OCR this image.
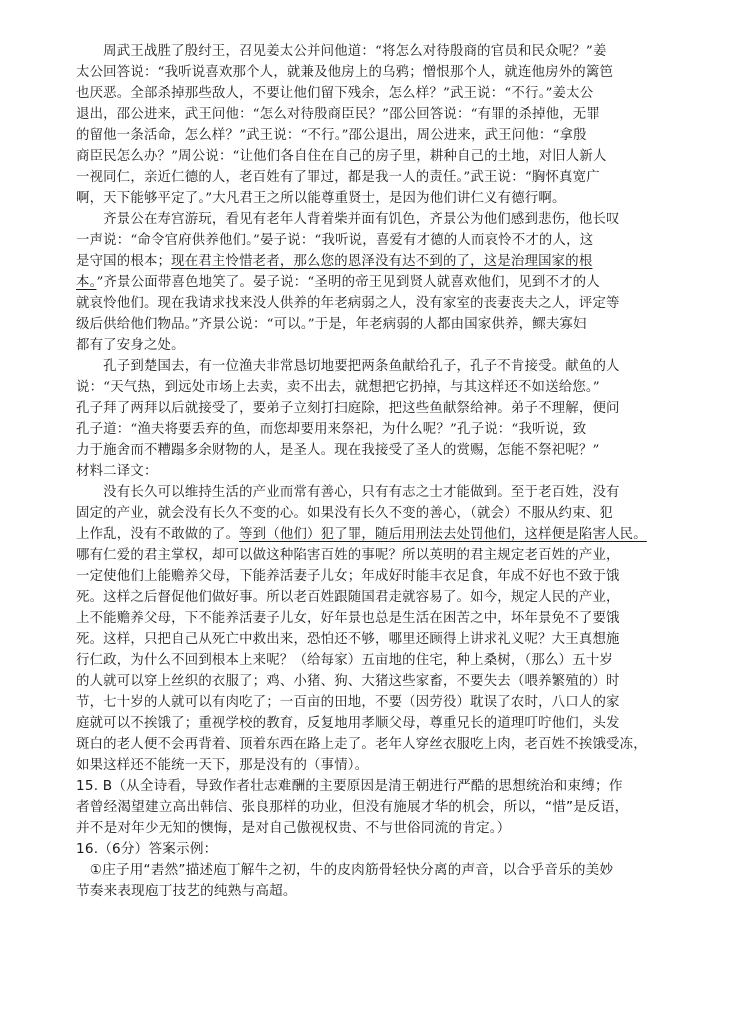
　　周武王战胜了殷纣王，召见姜太公并问他道：“将怎么对待殷商的官员和民众呢？”姜
太公回答说：“我听说喜欢那个人，就兼及他房上的乌鸦；憎恨那个人，就连他房外的篱笆
也厌恶。全部杀掉那些敌人，不要让他们留下残余，怎么样？”武王说：“不行。”姜太公
退出，邵公进来，武王问他：“怎么对待殷商臣民？”邵公回答说：“有罪的杀掉他，无罪
的留他一条活命，怎么样？”武王说：“不行。”邵公退出，周公进来，武王问他：“拿殷
商臣民怎么办？”周公说：“让他们各自住在自己的房子里，耕种自己的土地，对旧人新人
一视同仁，亲近仁德的人，老百姓有了罪过，都是我一人的责任。”武王说：“胸怀真宽广
啊，天下能够平定了。”大凡君王之所以能尊重贤士，是因为他们讲仁义有德行啊。
　　齐景公在寿宫游玩，看见有老年人背着柴并面有饥色，齐景公为他们感到悲伤，他长叹
一声说：“命令官府供养他们。”晏子说：“我听说，喜爱有才德的人而哀怜不才的人，这
是守国的根本；现在君主怜惜老者，那么您的恩泽没有达不到的了，这是治理国家的根
本。”齐景公面带喜色地笑了。晏子说：“圣明的帝王见到贤人就喜欢他们，见到不才的人
就哀怜他们。现在我请求找来没人供养的年老病弱之人，没有家室的丧妻丧夫之人，评定等
级后供给他们物品。”齐景公说：“可以。”于是，年老病弱的人都由国家供养，鳏夫寡妇
都有了安身之处。
　　孔子到楚国去，有一位渔夫非常恳切地要把两条鱼献给孔子，孔子不肯接受。献鱼的人
说：“天气热，到远处市场上去卖，卖不出去，就想把它扔掉，与其这样还不如送给您。”
孔子拜了两拜以后就接受了，要弟子立刻打扫庭除，把这些鱼献祭给神。弟子不理解，便问
孔子道：“渔夫将要丢弃的鱼，而您却要用来祭祀，为什么呢？”孔子说：“我听说，致
力于施舍而不糟蹋多余财物的人，是圣人。现在我接受了圣人的赏赐，怎能不祭祀呢？”
材料二译文：
　　没有长久可以维持生活的产业而常有善心，只有有志之士才能做到。至于老百姓，没有
固定的产业，就会没有长久不变的心。如果没有长久不变的善心，（就会）不服从约束、犯
上作乱，没有不敢做的了。等到（他们）犯了罪，随后用刑法去处罚他们，这样便是陷害人民。
哪有仁爱的君主掌权，却可以做这种陷害百姓的事呢？所以英明的君主规定老百姓的产业，
一定使他们上能赡养父母，下能养活妻子儿女；年成好时能丰衣足食，年成不好也不致于饿
死。这样之后督促他们做好事。所以老百姓跟随国君走就容易了。如今，规定人民的产业，
上不能赡养父母，下不能养活妻子儿女，好年景也总是生活在困苦之中，坏年景免不了要饿
死。这样，只把自己从死亡中救出来，恐怕还不够，哪里还顾得上讲求礼义呢？大王真想施
行仁政，为什么不回到根本上来呢？（给每家）五亩地的住宅，种上桑树，（那么）五十岁
的人就可以穿上丝织的衣服了；鸡、小猪、狗、大猪这些家畜，不要失去（喂养繁殖的）时
节，七十岁的人就可以有肉吃了；一百亩的田地，不要（因劳役）耽误了农时，八口人的家
庭就可以不挨饿了；重视学校的教育，反复地用孝顺父母，尊重兄长的道理叮咛他们，头发
斑白的老人便不会再背着、顶着东西在路上走了。老年人穿丝衣服吃上肉，老百姓不挨饿受冻，
如果这样还不能统一天下，那是没有的（事情）。
15. B（从全诗看，导致作者壮志难酬的主要原因是清王朝进行严酷的思想统治和束缚；作
者曾经渴望建立高出韩信、张良那样的功业，但没有施展才华的机会，所以，“惜”是反语，
并不是对年少无知的懊悔，是对自己傲视权贵、不与世俗同流的肯定。）
16.（6分）答案示例：
　①庄子用“砉然”描述庖丁解牛之初，牛的皮肉筋骨轻快分离的声音，以合乎音乐的美妙
节奏来表现庖丁技艺的纯熟与高超。
